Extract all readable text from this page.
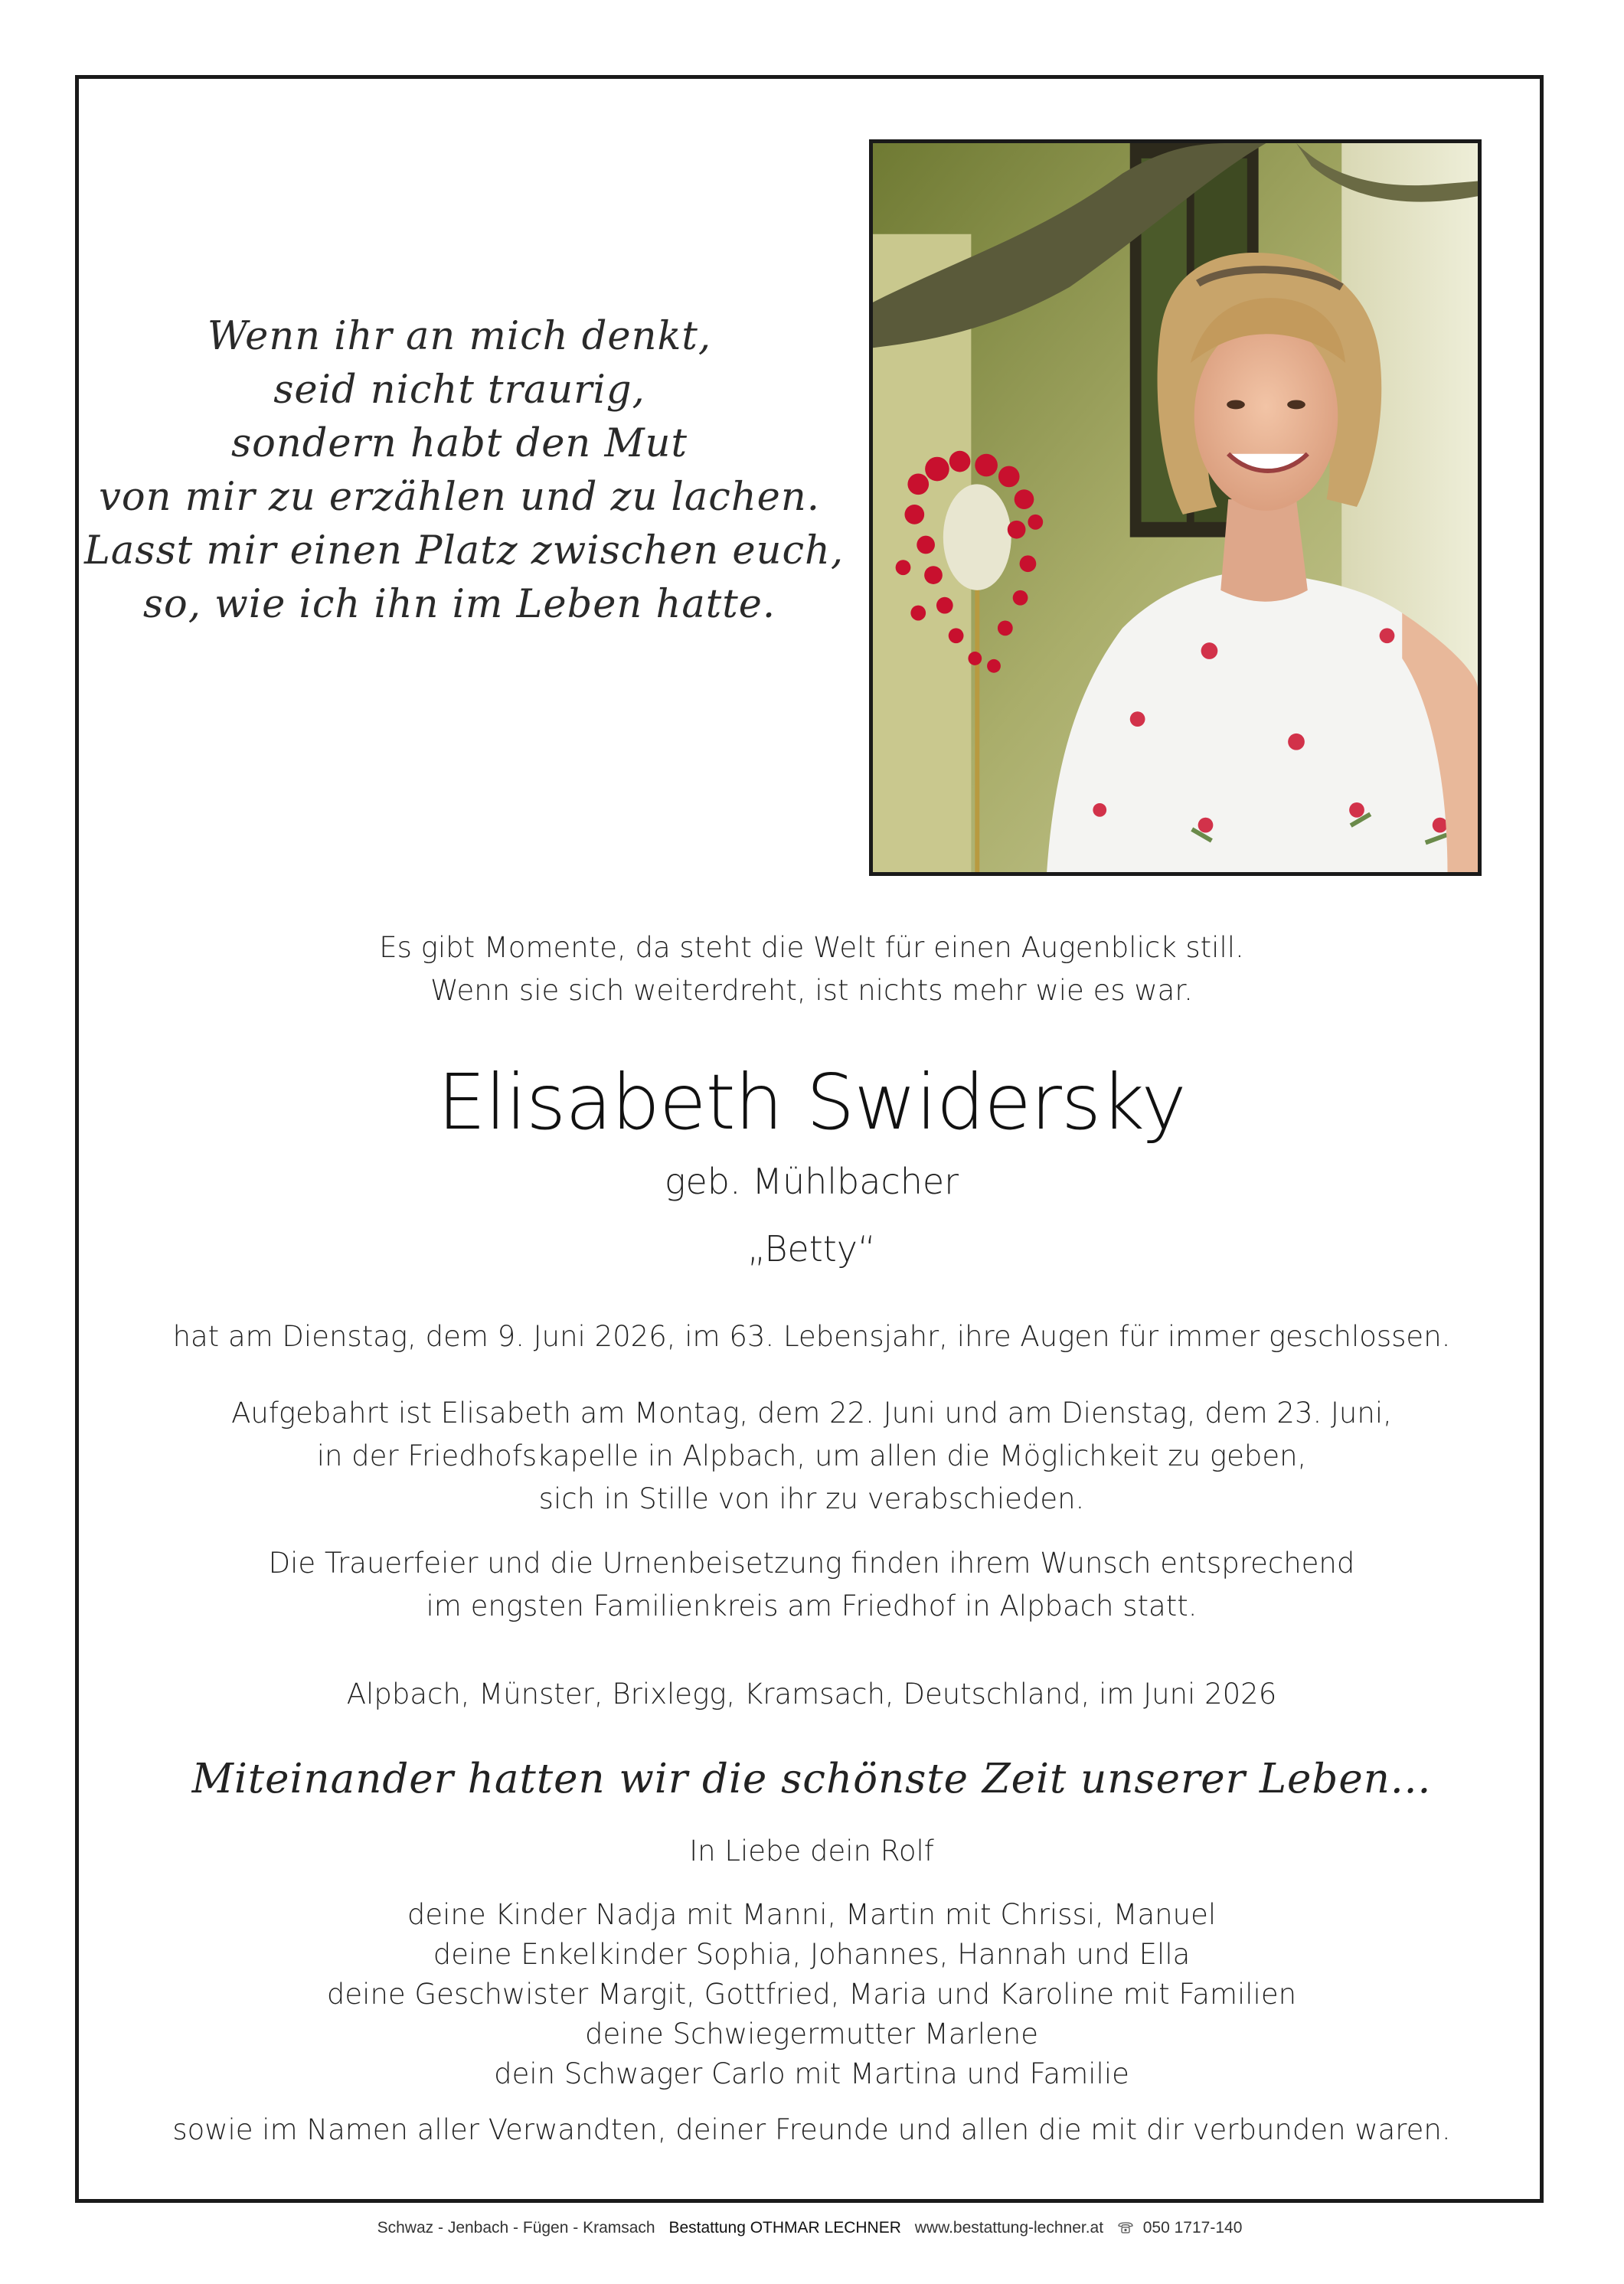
Wenn ihr an mich denkt,
seid nicht traurig,
sondern habt den Mut
von mir zu erzählen und zu lachen.
Lasst mir einen Platz zwischen euch,
so, wie ich ihn im Leben hatte.
Es gibt Momente, da steht die Welt für einen Augenblick still.
Wenn sie sich weiterdreht, ist nichts mehr wie es war.
Elisabeth Swidersky
geb. Mühlbacher
„Betty“
hat am Dienstag, dem 9. Juni 2026, im 63. Lebensjahr, ihre Augen für immer geschlossen.
Aufgebahrt ist Elisabeth am Montag, dem 22. Juni und am Dienstag, dem 23. Juni,
in der Friedhofskapelle in Alpbach, um allen die Möglichkeit zu geben,
sich in Stille von ihr zu verabschieden.
Die Trauerfeier und die Urnenbeisetzung finden ihrem Wunsch entsprechend
im engsten Familienkreis am Friedhof in Alpbach statt.
Alpbach, Münster, Brixlegg, Kramsach, Deutschland, im Juni 2026
Miteinander hatten wir die schönste Zeit unserer Leben...
In Liebe dein Rolf
deine Kinder Nadja mit Manni, Martin mit Chrissi, Manuel
deine Enkelkinder Sophia, Johannes, Hannah und Ella
deine Geschwister Margit, Gottfried, Maria und Karoline mit Familien
deine Schwiegermutter Marlene
dein Schwager Carlo mit Martina und Familie
sowie im Namen aller Verwandten, deiner Freunde und allen die mit dir verbunden waren.
Schwaz - Jenbach - Fügen - Kramsach Bestattung OTHMAR LECHNER www.bestattung-lechner.at 050 1717-140
